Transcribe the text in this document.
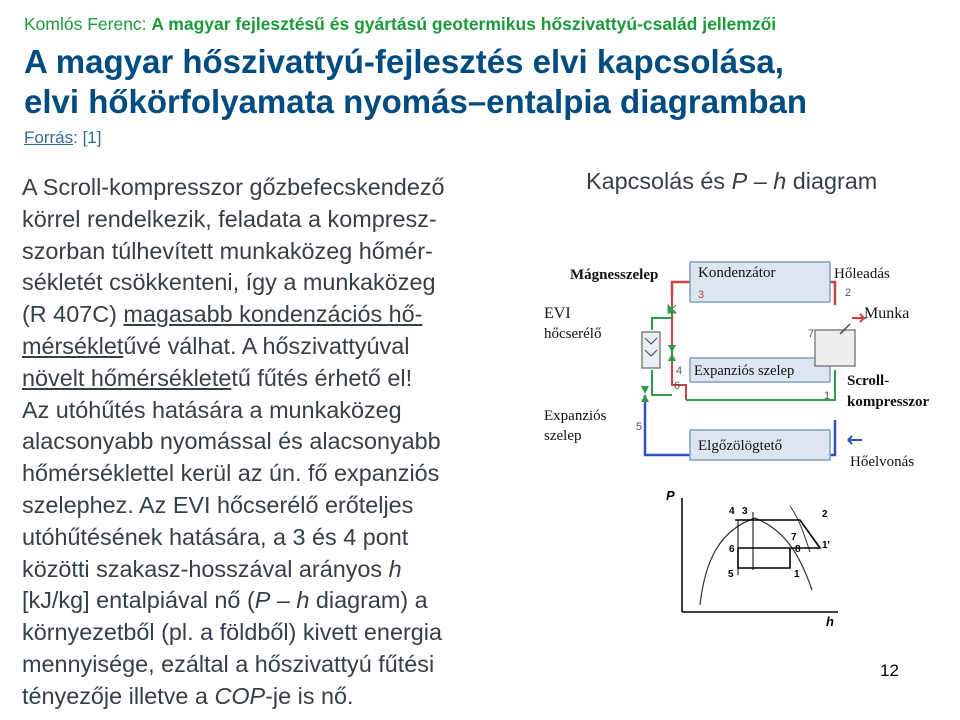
Komlós Ferenc: A magyar fejlesztésű és gyártású geotermikus hőszivattyú-család jellemzői
A magyar hőszivattyú-fejlesztés elvi kapcsolása,
elvi hőkörfolyamata nyomás–entalpia diagramban
Forrás: [1]
A Scroll-kompresszor gőzbefecskendező
körrel rendelkezik, feladata a kompresz-
szorban túlhevített munkaközeg hőmér-
sékletét csökkenteni, így a munkaközeg
(R 407C) magasabb kondenzációs hő-
mérsékletűvé válhat. A hőszivattyúval
növelt hőmérsékletetű fűtés érhető el!
Az utóhűtés hatására a munkaközeg
alacsonyabb nyomással és alacsonyabb
hőmérséklettel kerül az ún. fő expanziós
szelephez. Az EVI hőcserélő erőteljes
utóhűtésének hatására, a 3 és 4 pont
közötti szakasz-hosszával arányos h
[kJ/kg] entalpiával nő (P – h diagram) a
környezetből (pl. a földből) kivett energia
mennyisége, ezáltal a hőszivattyú fűtési
tényezője illetve a COP-je is nő.
Kapcsolás és P – h diagram
Mágnesszelep	Kondenzátor	Hőleadás
Munka
EVI
hőcserélő
Expanziós szelep
Scroll-
kompresszor
Expanziós
szelep
Elgőzölögtető
Hőelvonás
3	2
7
4
6
1
5
P
h
4 3	2
7
6	8 1'
5	1
12
